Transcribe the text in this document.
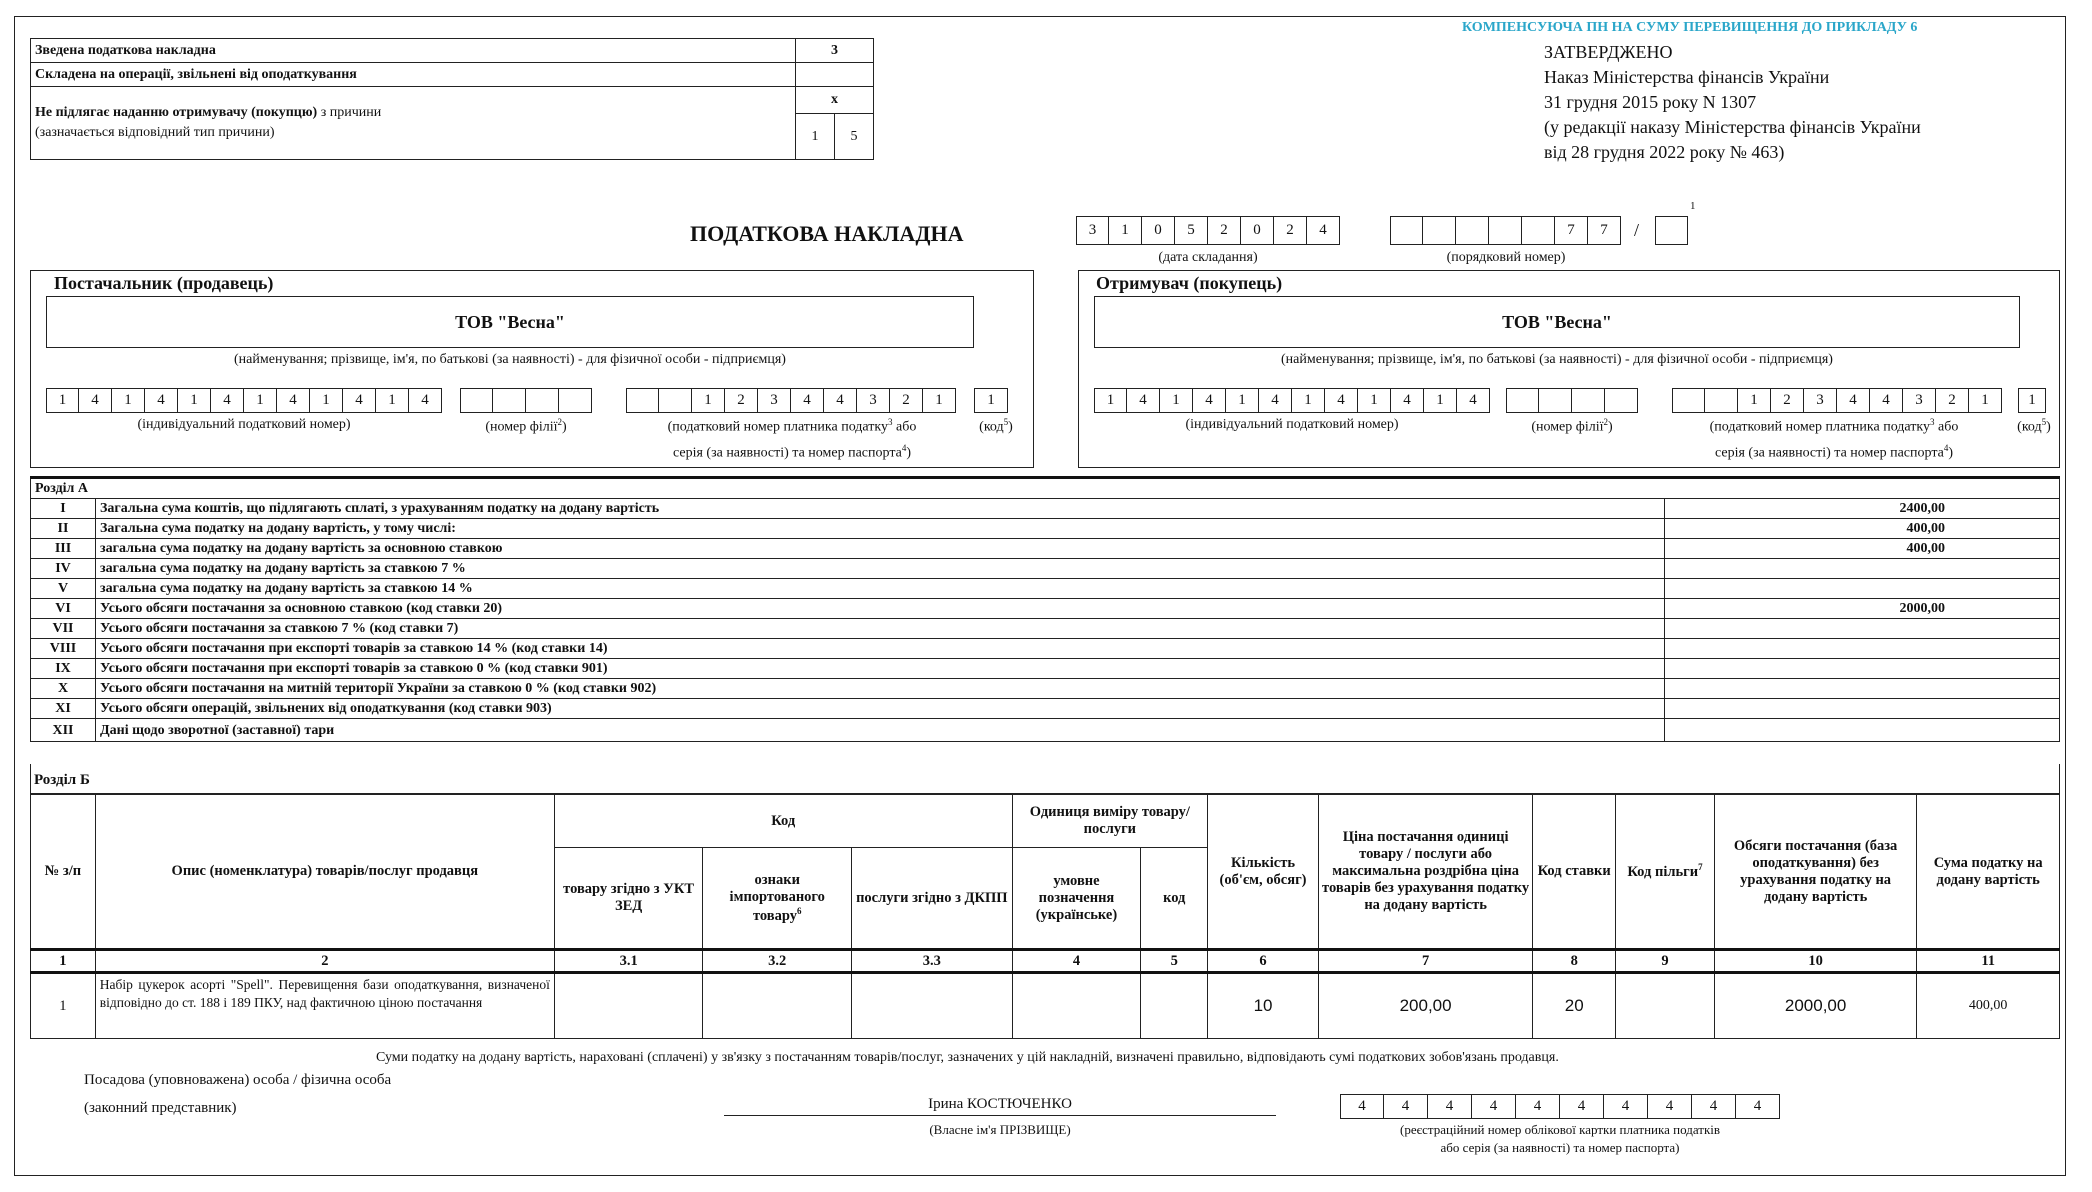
Зведена податкова накладна	3	
Складена на операції, звільнені від оподаткування		

Не підлягає наданню отримувачу (покупцю) з причини
(зазначається відповідний тип причини)	x	
	1	5
КОМПЕНСУЮЧА ПН НА СУМУ ПЕРЕВИЩЕННЯ ДО ПРИКЛАДУ 6
ЗАТВЕРДЖЕНО
Наказ Міністерства фінансів України
31 грудня 2015 року N 1307
(у редакції наказу Міністерства фінансів України
від 28 грудня 2022 року № 463)
ПОДАТКОВА НАКЛАДНА	3	1	0	5	2	0	2	4
(дата складання)
7	7
(порядковий номер)
/
1
Постачальник (продавець)
ТОВ "Весна"
(найменування; прізвище, ім'я, по батькові (за наявності) - для фізичної особи - підприємця)
1	4	1	4	1	4	1	4	1	4	1	4
(індивідуальний податковий номер)	(номер філії$^2$)
1	2	3	4	4	3	2	1
(податковий номер платника податку$^3$ або
серія (за наявності) та номер паспорта$^4$)
1
(код$^5$)
Отримувач (покупець)
ТОВ "Весна"
(найменування; прізвище, ім'я, по батькові (за наявності) - для фізичної особи - підприємця)
1	4	1	4	1	4	1	4	1	4	1	4
(індивідуальний податковий номер)	(номер філії$^2$)
1	2	3	4	4	3	2	1
(податковий номер платника податку$^3$ або
серія (за наявності) та номер паспорта$^4$)
1
(код$^5$)
Розділ А		
I	Загальна сума коштів, що підлягають сплаті, з урахуванням податку на додану вартість	2400,00
II	Загальна сума податку на додану вартість, у тому числі:	400,00
III	загальна сума податку на додану вартість за основною ставкою	400,00
IV	загальна сума податку на додану вартість за ставкою 7 %	
V	загальна сума податку на додану вартість за ставкою 14 %	
VI	Усього обсяги постачання за основною ставкою (код ставки 20)	2000,00
VII	Усього обсяги постачання за ставкою 7 % (код ставки 7)	
VIII	Усього обсяги постачання при експорті товарів за ставкою 14 % (код ставки 14)	
IX	Усього обсяги постачання при експорті товарів за ставкою 0 % (код ставки 901)	
X	Усього обсяги постачання на митній території України за ставкою 0 % (код ставки 902)	
XI	Усього обсяги операцій, звільнених від оподаткування (код ставки 903)	
XII	Дані щодо зворотної (заставної) тари	
№ з/п	Опис (номенклатура) товарів/послуг продавця	Код			Одиниця виміру товару/послуги		Кількість (об'єм, обсяг)	Ціна постачання одиниці товару / послуги або максимальна роздрібна ціна товарів без урахування податку на додану вартість	Код ставки	Код пільги$^7$	Обсяги постачання (база оподаткування) без урахування податку на додану вартість	Сума податку на додану вартість
		товару згідно з УКТ ЗЕД	ознаки імпортованого товару$^6$	послуги згідно з ДКПП	умовне позначення (українське)	код						
1	2	3.1	3.2	3.3	4	5	6	7	8	9	10	11
1	Набір цукерок асорті "Spell". Перевищення бази оподаткування, визначеної відповідно до ст. 188 і 189 ПКУ, над фактичною ціною постачання						10	200,00	20		2000,00	400,00
Розділ Б
Суми податку на додану вартість, нараховані (сплачені) у зв'язку з постачанням товарів/послуг, зазначених у цій накладній, визначені правильно, відповідають сумі податкових зобов'язань продавця.
Посадова (уповноважена) особа / фізична особа
(законний представник)	Ірина КОСТЮЧЕНКО
(Власне ім'я ПРІЗВИЩЕ)
4	4	4	4	4	4	4	4	4	4
(реєстраційний номер облікової картки платника податків
або серія (за наявності) та номер паспорта)
